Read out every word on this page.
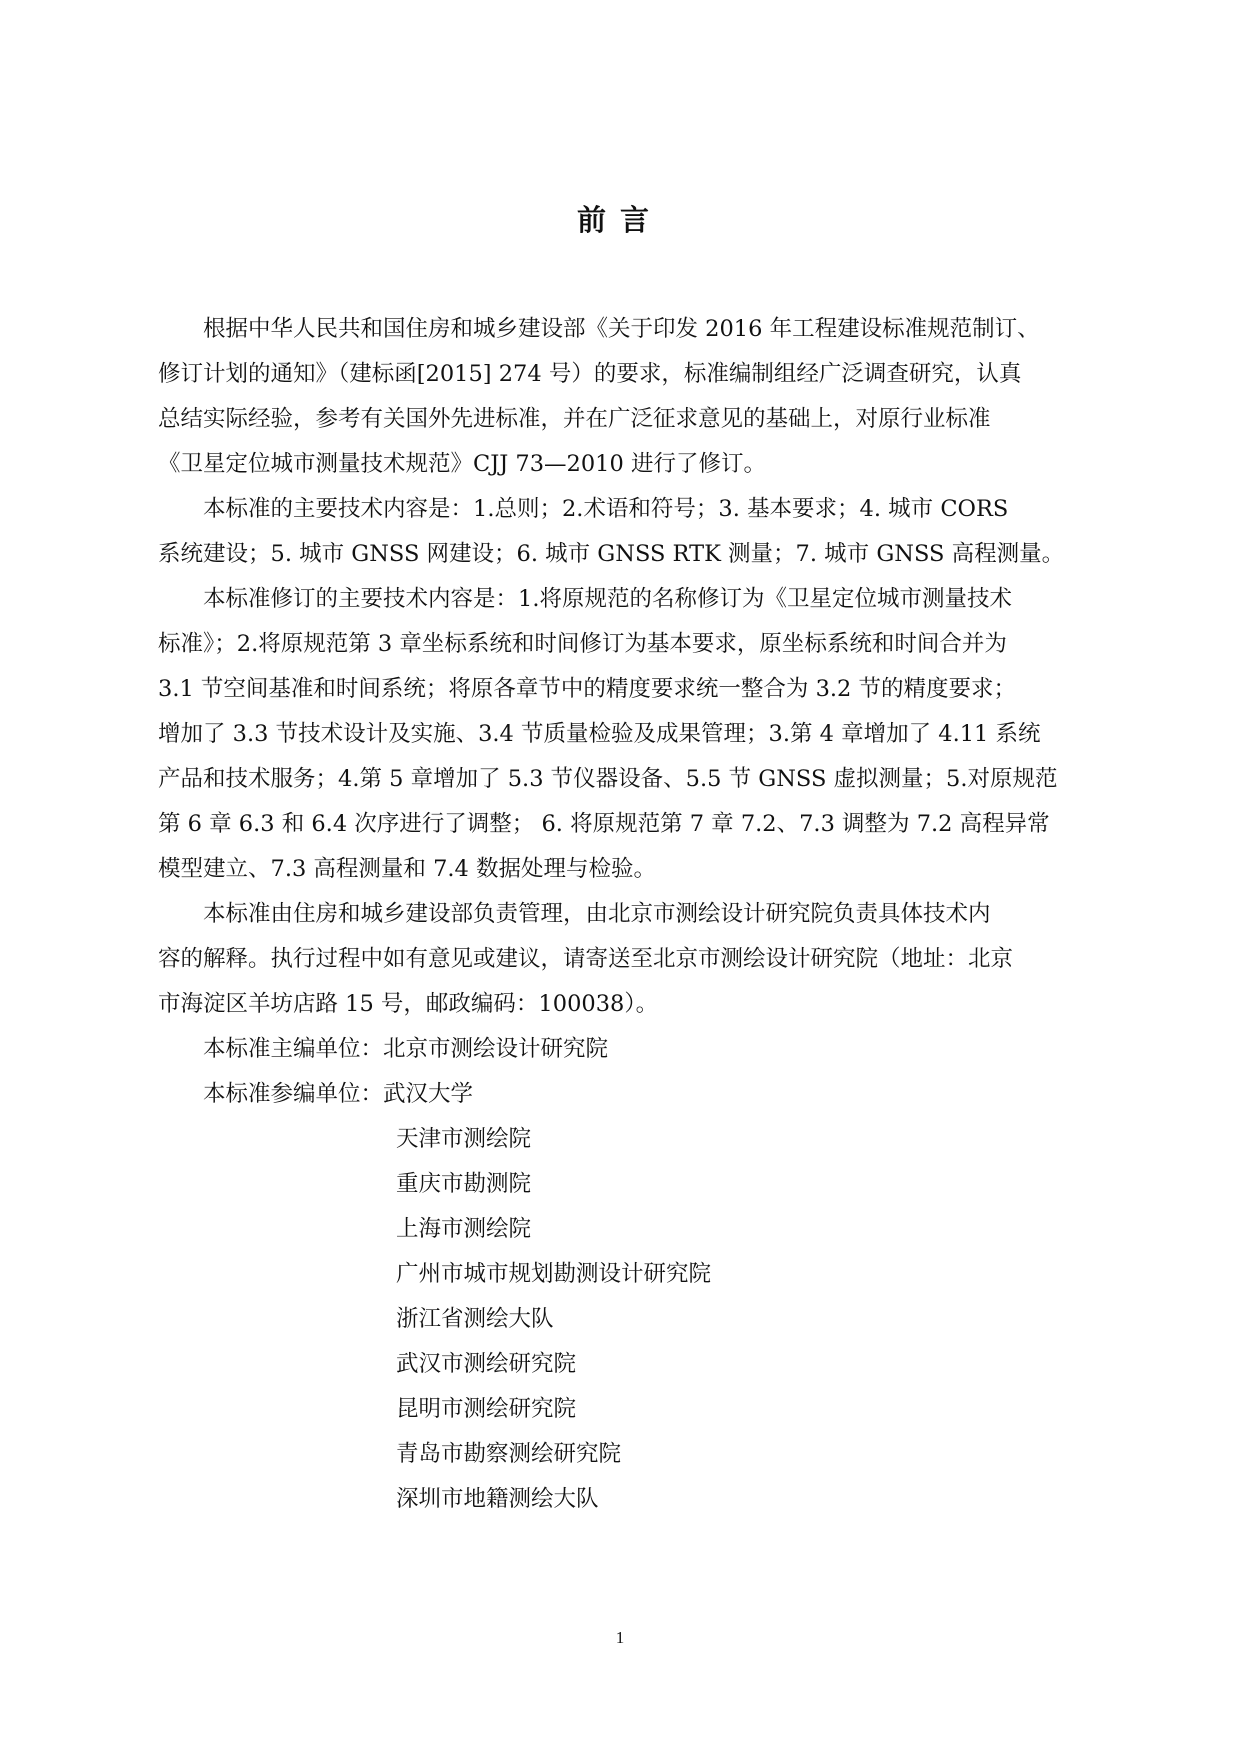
前言

根据中华人民共和国住房和城乡建设部《关于印发 2016 年工程建设标准规范制订、
修订计划的通知》（建标函[2015] 274 号）的要求，标准编制组经广泛调查研究，认真
总结实际经验，参考有关国外先进标准，并在广泛征求意见的基础上，对原行业标准
《卫星定位城市测量技术规范》CJJ 73—2010 进行了修订。

本标准的主要技术内容是：1.总则；2.术语和符号；3. 基本要求；4. 城市 CORS
系统建设；5. 城市 GNSS 网建设；6. 城市 GNSS RTK 测量；7. 城市 GNSS 高程测量。

本标准修订的主要技术内容是：1.将原规范的名称修订为《卫星定位城市测量技术
标准》；2.将原规范第 3 章坐标系统和时间修订为基本要求，原坐标系统和时间合并为
3.1 节空间基准和时间系统；将原各章节中的精度要求统一整合为 3.2 节的精度要求；
增加了 3.3 节技术设计及实施、3.4 节质量检验及成果管理；3.第 4 章增加了 4.11 系统
产品和技术服务；4.第 5 章增加了 5.3 节仪器设备、5.5 节 GNSS 虚拟测量；5.对原规范
第 6 章 6.3 和 6.4 次序进行了调整； 6. 将原规范第 7 章 7.2、7.3 调整为 7.2 高程异常
模型建立、7.3 高程测量和 7.4 数据处理与检验。

本标准由住房和城乡建设部负责管理，由北京市测绘设计研究院负责具体技术内
容的解释。执行过程中如有意见或建议，请寄送至北京市测绘设计研究院（地址：北京
市海淀区羊坊店路 15 号，邮政编码：100038）。

本标准主编单位：北京市测绘设计研究院

本标准参编单位：武汉大学

天津市测绘院
重庆市勘测院
上海市测绘院
广州市城市规划勘测设计研究院
浙江省测绘大队
武汉市测绘研究院
昆明市测绘研究院
青岛市勘察测绘研究院
深圳市地籍测绘大队
1
